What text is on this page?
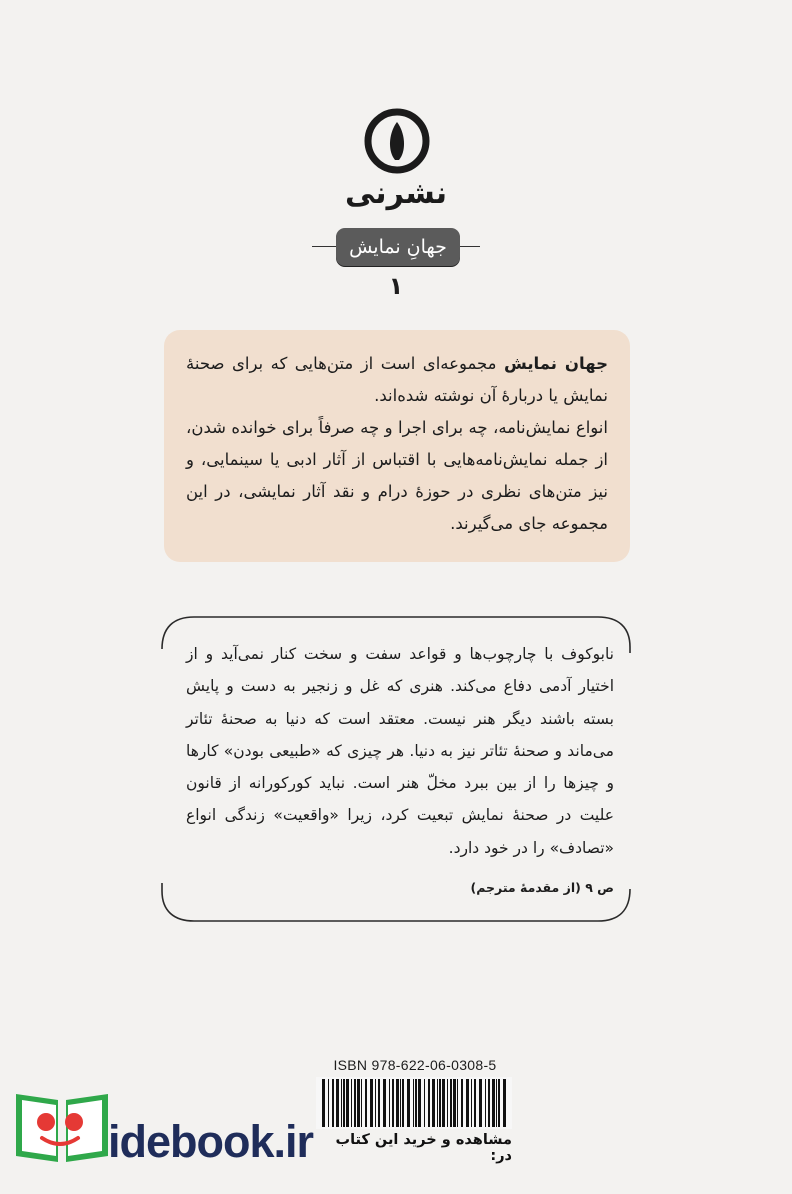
نشرنی
جهانِ نمایش
۱

جهان نمایش مجموعه‌ای است از متن‌هایی که برای صحنهٔ نمایش یا دربارهٔ آن نوشته شده‌اند.

انواع نمایش‌نامه، چه برای اجرا و چه صرفاً برای خوانده شدن، از جمله نمایش‌نامه‌هایی با اقتباس از آثار ادبی یا سینمایی، و نیز متن‌های نظری در حوزهٔ درام و نقد آثار نمایشی، در این مجموعه جای می‌گیرند.

نابوکوف با چارچوب‌ها و قواعد سفت و سخت کنار نمی‌آید و از اختیار آدمی دفاع می‌کند. هنری که غل و زنجیر به دست و پایش بسته باشند دیگر هنر نیست. معتقد است که دنیا به صحنهٔ تئاتر می‌ماند و صحنهٔ تئاتر نیز به دنیا. هر چیزی که «طبیعی بودن» کارها و چیزها را از بین ببرد مخلّ هنر است. نباید کورکورانه از قانون علیت در صحنهٔ نمایش تبعیت کرد، زیرا «واقعیت» زندگی انواع «تصادف» را در خود دارد.

ص ۹ (از مقدمهٔ مترجم)
ISBN 978-622-06-0308-5
idebook.ir	مشاهده و خرید این کتاب در:
